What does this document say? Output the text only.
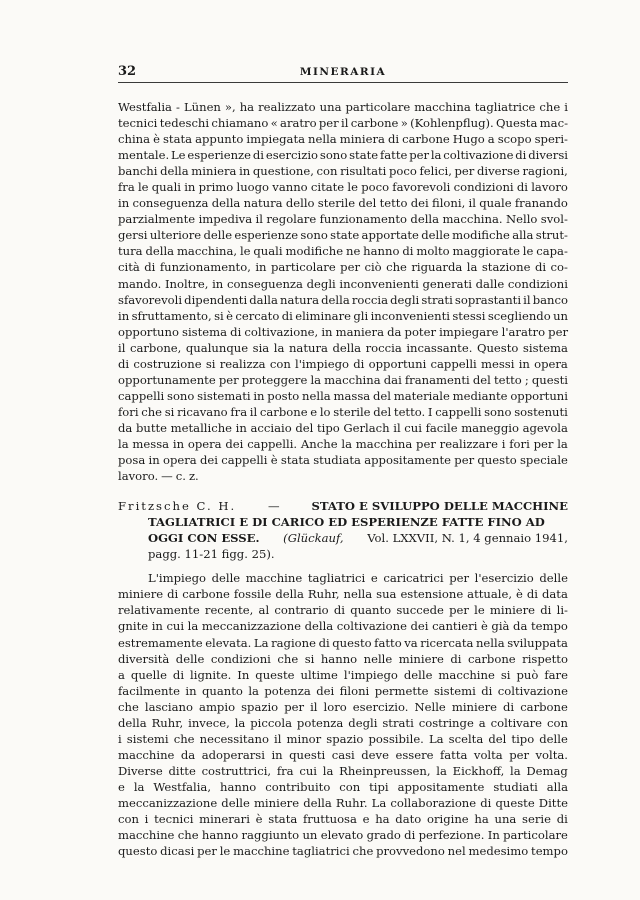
32	MINERARIA
Westfalia - Lünen », ha realizzato una particolare macchina tagliatrice che i
tecnici tedeschi chiamano « aratro per il carbone » (Kohlenpflug). Questa mac-
china è stata appunto impiegata nella miniera di carbone Hugo a scopo speri-
mentale. Le esperienze di esercizio sono state fatte per la coltivazione di diversi
banchi della miniera in questione, con risultati poco felici, per diverse ragioni,
fra le quali in primo luogo vanno citate le poco favorevoli condizioni di lavoro
in conseguenza della natura dello sterile del tetto dei filoni, il quale franando
parzialmente impediva il regolare funzionamento della macchina. Nello svol-
gersi ulteriore delle esperienze sono state apportate delle modifiche alla strut-
tura della macchina, le quali modifiche ne hanno di molto maggiorate le capa-
cità di funzionamento, in particolare per ciò che riguarda la stazione di co-
mando. Inoltre, in conseguenza degli inconvenienti generati dalle condizioni
sfavorevoli dipendenti dalla natura della roccia degli strati soprastanti il banco
in sfruttamento, si è cercato di eliminare gli inconvenienti stessi scegliendo un
opportuno sistema di coltivazione, in maniera da poter impiegare l'aratro per
il carbone, qualunque sia la natura della roccia incassante. Questo sistema
di costruzione si realizza con l'impiego di opportuni cappelli messi in opera
opportunamente per proteggere la macchina dai franamenti del tetto ; questi
cappelli sono sistemati in posto nella massa del materiale mediante opportuni
fori che si ricavano fra il carbone e lo sterile del tetto. I cappelli sono sostenuti
da butte metalliche in acciaio del tipo Gerlach il cui facile maneggio agevola
la messa in opera dei cappelli. Anche la macchina per realizzare i fori per la
posa in opera dei cappelli è stata studiata appositamente per questo speciale
lavoro. — c. z.
Fritzsche C. H.	—	STATO E SVILUPPO DELLE MACCHINE
TAGLIATRICI E DI CARICO ED ESPERIENZE FATTE FINO AD
OGGI CON ESSE. (Glückauf, Vol. LXXVII, N. 1, 4 gennaio 1941,
pagg. 11-21 figg. 25).
L'impiego delle macchine tagliatrici e caricatrici per l'esercizio delle
miniere di carbone fossile della Ruhr, nella sua estensione attuale, è di data
relativamente recente, al contrario di quanto succede per le miniere di li-
gnite in cui la meccanizzazione della coltivazione dei cantieri è già da tempo
estremamente elevata. La ragione di questo fatto va ricercata nella sviluppata
diversità delle condizioni che si hanno nelle miniere di carbone rispetto
a quelle di lignite. In queste ultime l'impiego delle macchine si può fare
facilmente in quanto la potenza dei filoni permette sistemi di coltivazione
che lasciano ampio spazio per il loro esercizio. Nelle miniere di carbone
della Ruhr, invece, la piccola potenza degli strati costringe a coltivare con
i sistemi che necessitano il minor spazio possibile. La scelta del tipo delle
macchine da adoperarsi in questi casi deve essere fatta volta per volta.
Diverse ditte costruttrici, fra cui la Rheinpreussen, la Eickhoff, la Demag
e la Westfalia, hanno contribuito con tipi appositamente studiati alla
meccanizzazione delle miniere della Ruhr. La collaborazione di queste Ditte
con i tecnici minerari è stata fruttuosa e ha dato origine ha una serie di
macchine che hanno raggiunto un elevato grado di perfezione. In particolare
questo dicasi per le macchine tagliatrici che provvedono nel medesimo tempo
